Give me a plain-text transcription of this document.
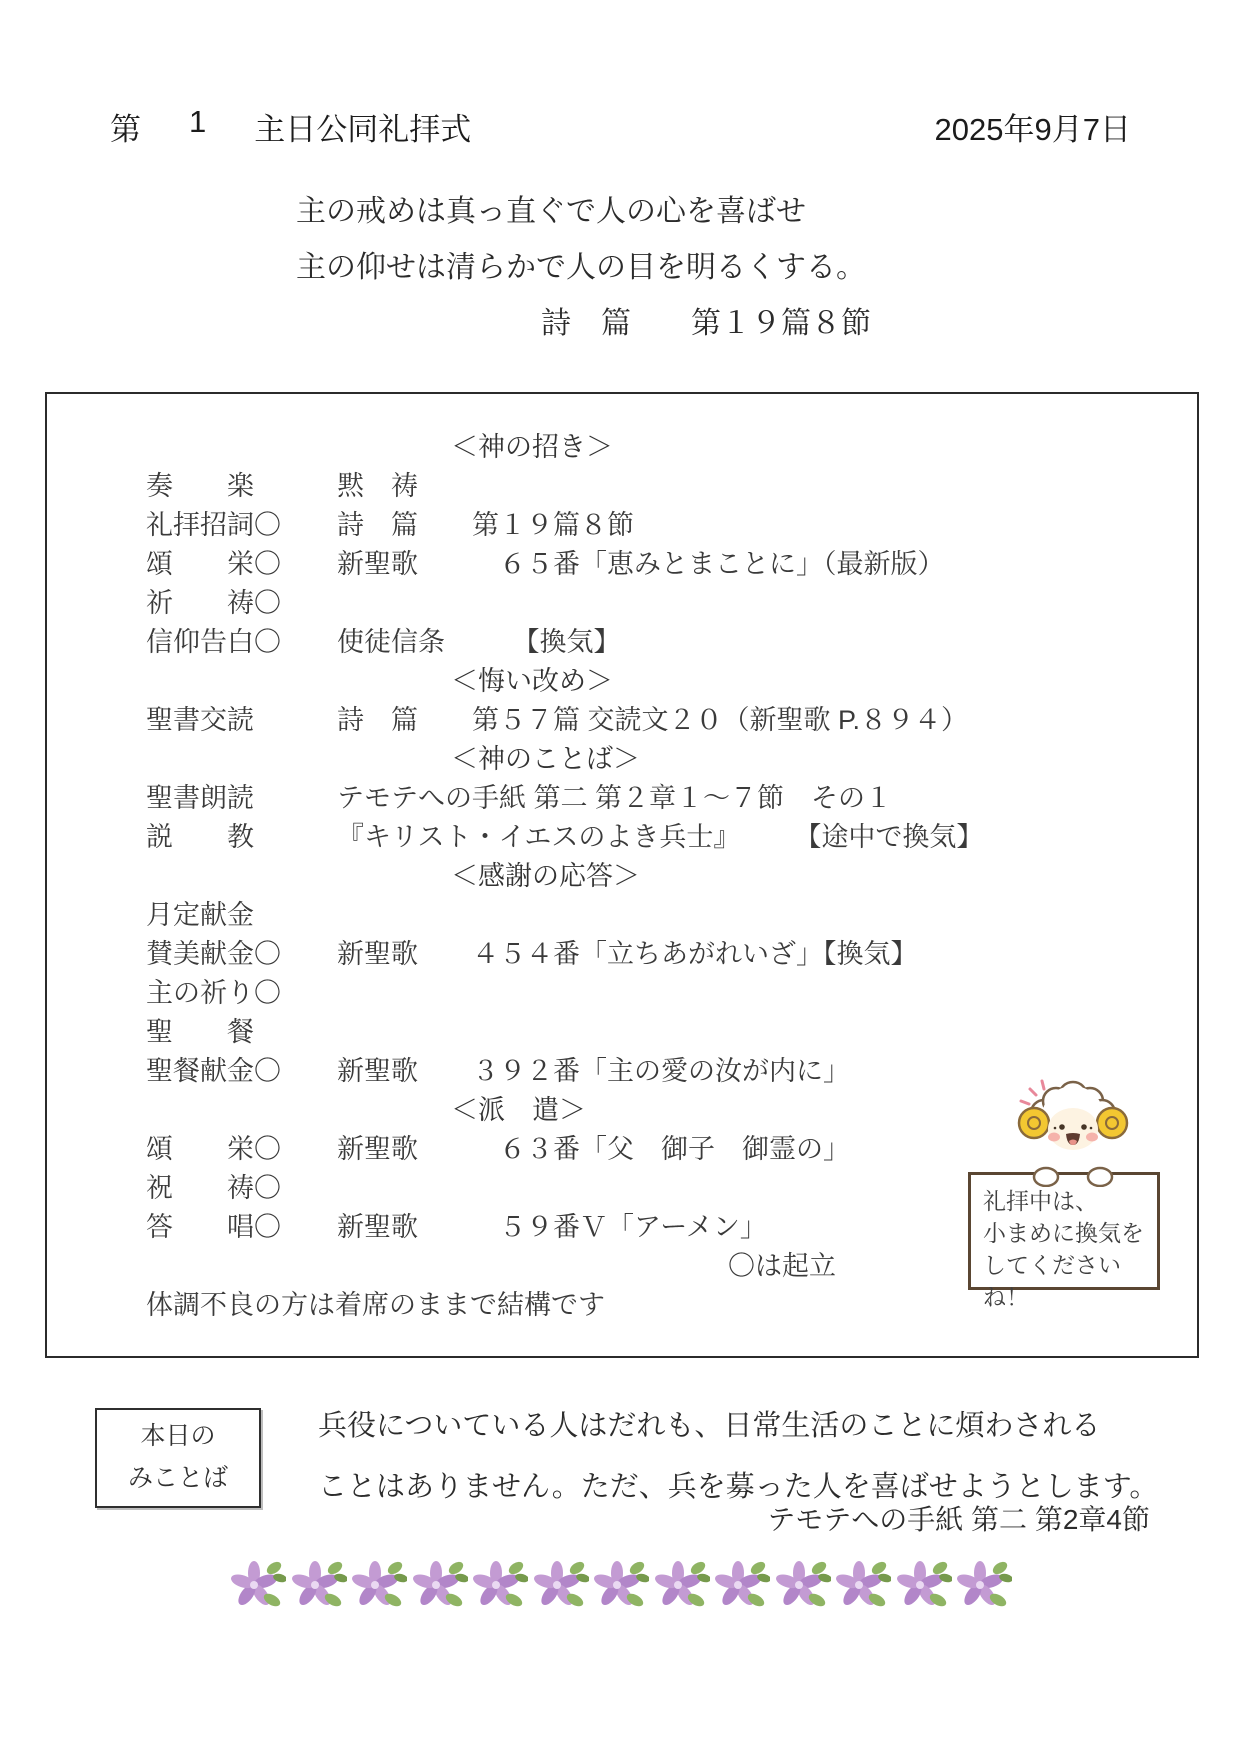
第 1 主日公同礼拝式	2025年9月7日
主の戒めは真っ直ぐで人の心を喜ばせ
主の仰せは清らかで人の目を明るくする。
詩　篇　　第１９篇８節
＜神の招き＞
奏　　楽	黙　祷
礼拝招詞〇 詩　篇　　第１９篇８節
頌　　栄〇 新聖歌　　　６５番「恵みとまことに」（最新版）
祈　　祷〇
信仰告白〇 使徒信条　　　【換気】
＜悔い改め＞
聖書交読	詩　篇　　第５７篇 交読文２０（新聖歌 P.８９４）
＜神のことば＞
聖書朗読	テモテへの手紙 第二 第２章１～７節　その１
説　　教	『キリスト・イエスのよき兵士』　　　【途中で換気】
＜感謝の応答＞
月定献金
賛美献金〇 新聖歌　　４５４番「立ちあがれいざ」【換気】
主の祈り〇
聖　　餐
聖餐献金〇 新聖歌　　３９２番「主の愛の汝が内に」
＜派　遣＞
頌　　栄〇 新聖歌　　　６３番「父　御子　御霊の」
祝　　祷〇
答　　唱〇 新聖歌　　　５９番Ｖ「アーメン」
〇は起立
体調不良の方は着席のままで結構です
礼拝中は、
小まめに換気を
してくださいね！
本日の
みことば
兵役についている人はだれも、日常生活のことに煩わされる
ことはありません。ただ、兵を募った人を喜ばせようとします。
テモテへの手紙 第二 第2章4節
